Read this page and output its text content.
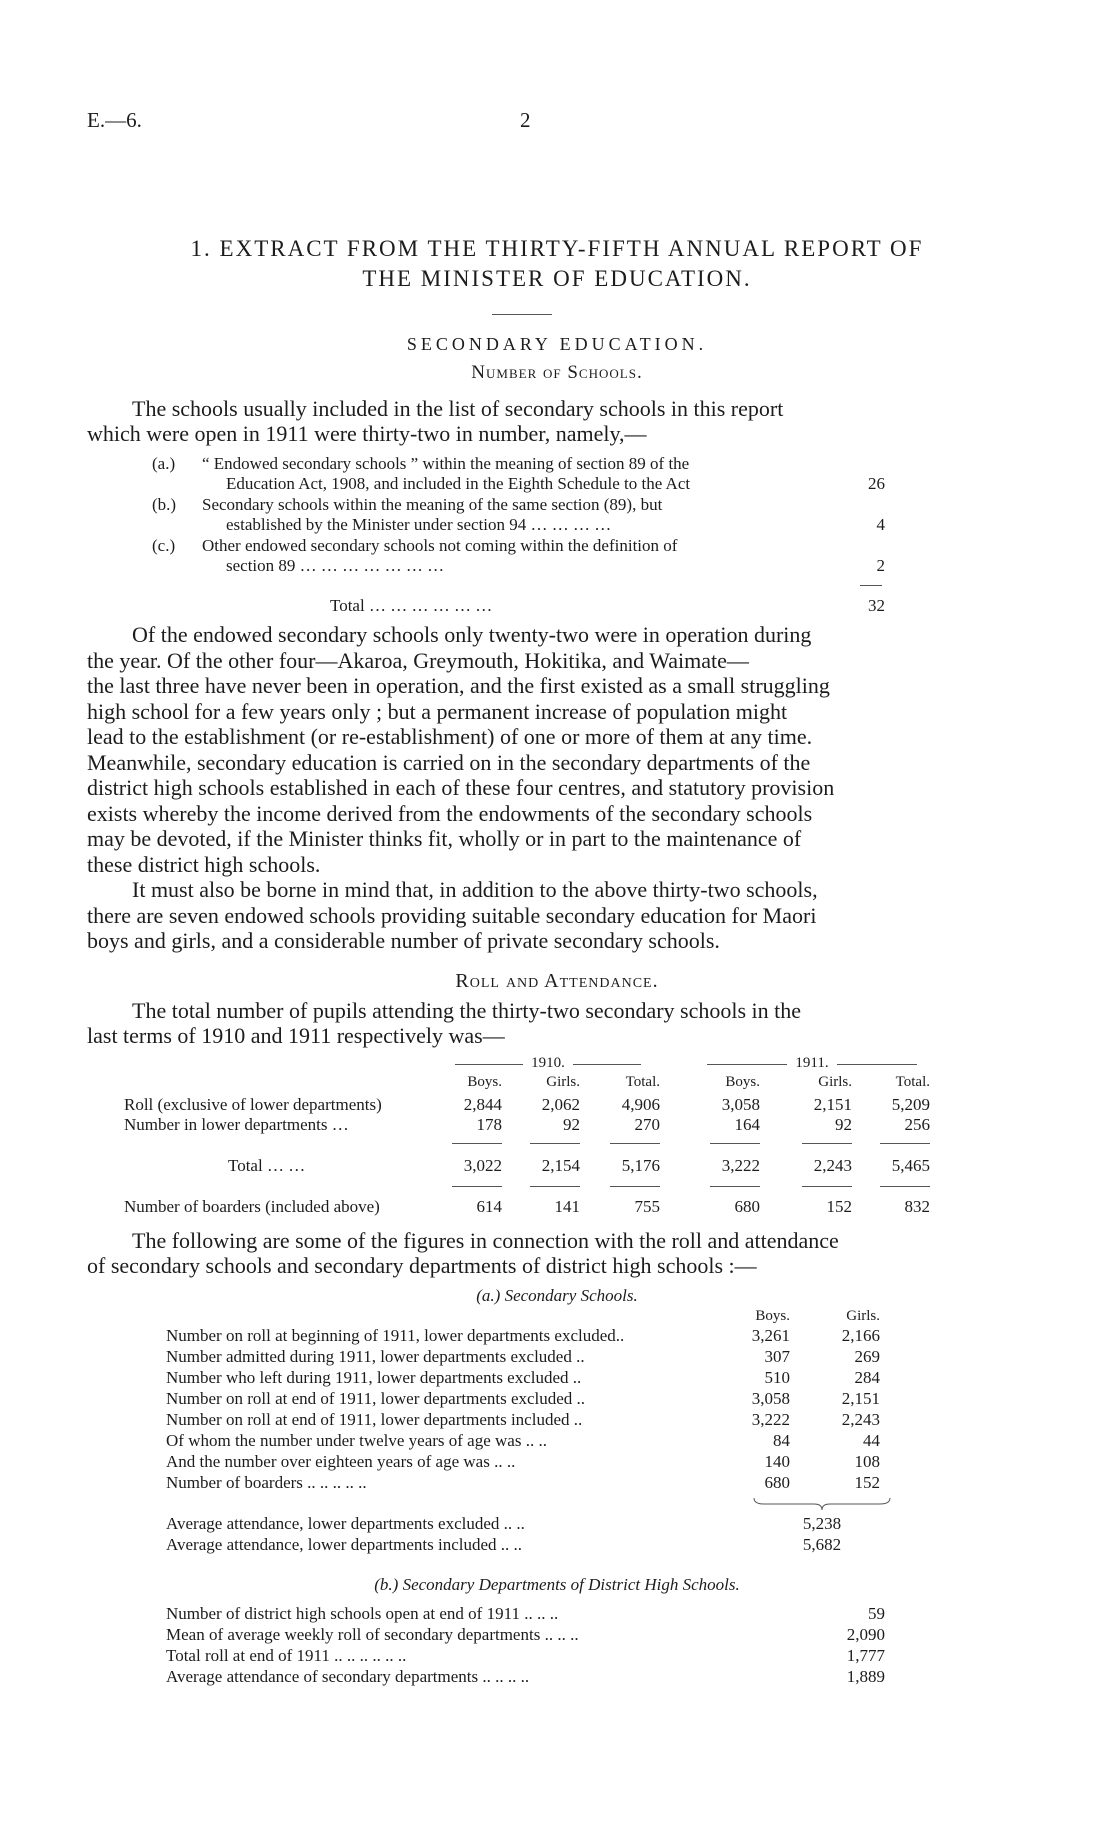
E.—6.	2
1. EXTRACT FROM THE THIRTY-FIFTH ANNUAL REPORT OF
THE MINISTER OF EDUCATION.
SECONDARY EDUCATION.
Number of Schools.
The schools usually included in the list of secondary schools in this report
which were open in 1911 were thirty-two in number, namely,—
(a.) “ Endowed secondary schools ” within the meaning of section 89 of the
Education Act, 1908, and included in the Eighth Schedule to the Act	26
(b.) Secondary schools within the meaning of the same section (89), but
established by the Minister under section 94 … … … …	4
(c.) Other endowed secondary schools not coming within the definition of
section 89 … … … … … … …	2
Total … … … … … …	32
Of the endowed secondary schools only twenty-two were in operation during
the year. Of the other four—Akaroa, Greymouth, Hokitika, and Waimate—
the last three have never been in operation, and the first existed as a small struggling
high school for a few years only ; but a permanent increase of population might
lead to the establishment (or re-establishment) of one or more of them at any time.
Meanwhile, secondary education is carried on in the secondary departments of the
district high schools established in each of these four centres, and statutory provision
exists whereby the income derived from the endowments of the secondary schools
may be devoted, if the Minister thinks fit, wholly or in part to the maintenance of
these district high schools.
It must also be borne in mind that, in addition to the above thirty-two schools,
there are seven endowed schools providing suitable secondary education for Maori
boys and girls, and a considerable number of private secondary schools.
Roll and Attendance.
The total number of pupils attending the thirty-two secondary schools in the
last terms of 1910 and 1911 respectively was—
1910.	1911.
Boys.	Girls.	Total.	Boys.	Girls.	Total.
Roll (exclusive of lower departments)	2,844	2,062	4,906	3,058	2,151	5,209
Number in lower departments …	178	92	270	164	92	256
Total … …	3,022	2,154	5,176	3,222	2,243	5,465
Number of boarders (included above)	614	141	755	680	152	832
The following are some of the figures in connection with the roll and attendance
of secondary schools and secondary departments of district high schools :—
(a.) Secondary Schools.
Boys.	Girls.
Number on roll at beginning of 1911, lower departments excluded..	3,261	2,166
Number admitted during 1911, lower departments excluded ..	307	269
Number who left during 1911, lower departments excluded ..	510	284
Number on roll at end of 1911, lower departments excluded ..	3,058	2,151
Number on roll at end of 1911, lower departments included ..	3,222	2,243
Of whom the number under twelve years of age was .. ..	84	44
And the number over eighteen years of age was .. ..	140	108
Number of boarders .. .. .. .. ..	680	152
Average attendance, lower departments excluded .. ..	5,238
Average attendance, lower departments included .. ..	5,682
(b.) Secondary Departments of District High Schools.
Number of district high schools open at end of 1911 .. .. ..	59
Mean of average weekly roll of secondary departments .. .. ..	2,090
Total roll at end of 1911 .. .. .. .. .. ..	1,777
Average attendance of secondary departments .. .. .. ..	1,889
